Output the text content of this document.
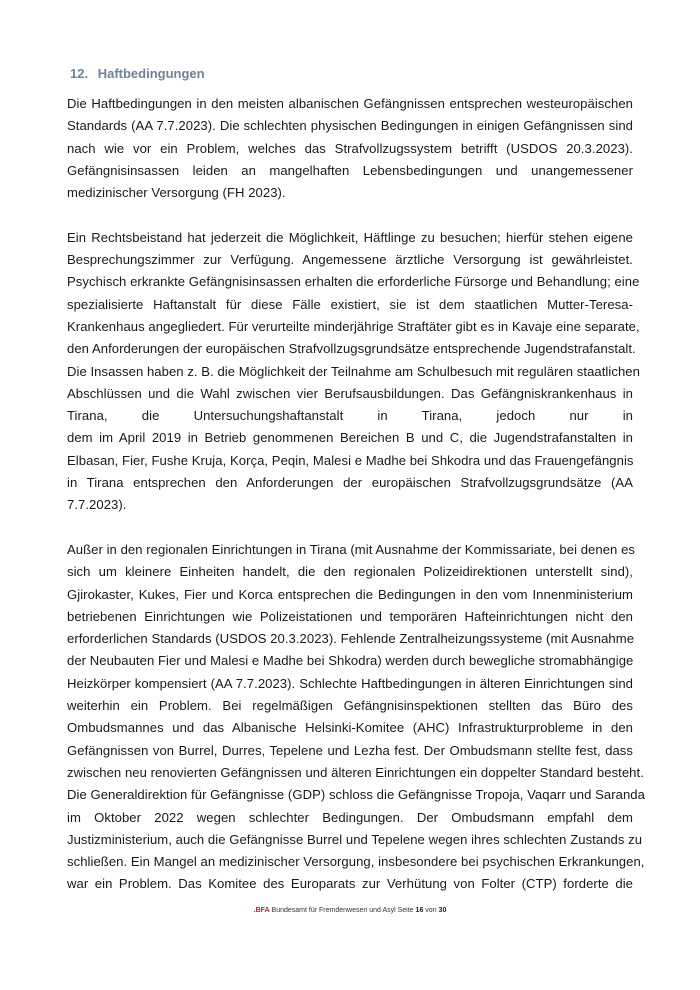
12. Haftbedingungen
Die Haftbedingungen in den meisten albanischen Gefängnissen entsprechen westeuropäischen
Standards (AA 7.7.2023). Die schlechten physischen Bedingungen in einigen Gefängnissen sind
nach wie vor ein Problem, welches das Strafvollzugssystem betrifft (USDOS 20.3.2023).
Gefängnisinsassen leiden an mangelhaften Lebensbedingungen und unangemessener
medizinischer Versorgung (FH 2023).
Ein Rechtsbeistand hat jederzeit die Möglichkeit, Häftlinge zu besuchen; hierfür stehen eigene
Besprechungszimmer zur Verfügung. Angemessene ärztliche Versorgung ist gewährleistet.
Psychisch erkrankte Gefängnisinsassen erhalten die erforderliche Fürsorge und Behandlung; eine
spezialisierte Haftanstalt für diese Fälle existiert, sie ist dem staatlichen Mutter-Teresa-
Krankenhaus angegliedert. Für verurteilte minderjährige Straftäter gibt es in Kavaje eine separate,
den Anforderungen der europäischen Strafvollzugsgrundsätze entsprechende Jugendstrafanstalt.
Die Insassen haben z. B. die Möglichkeit der Teilnahme am Schulbesuch mit regulären staatlichen
Abschlüssen und die Wahl zwischen vier Berufsausbildungen. Das Gefängniskrankenhaus in
Tirana, die Untersuchungshaftanstalt in Tirana, jedoch nur in
dem im April 2019 in Betrieb genommenen Bereichen B und C, die Jugendstrafanstalten in
Elbasan, Fier, Fushe Kruja, Korça, Peqin, Malesi e Madhe bei Shkodra und das Frauengefängnis
in Tirana entsprechen den Anforderungen der europäischen Strafvollzugsgrundsätze (AA
7.7.2023).
Außer in den regionalen Einrichtungen in Tirana (mit Ausnahme der Kommissariate, bei denen es
sich um kleinere Einheiten handelt, die den regionalen Polizeidirektionen unterstellt sind),
Gjirokaster, Kukes, Fier und Korca entsprechen die Bedingungen in den vom Innenministerium
betriebenen Einrichtungen wie Polizeistationen und temporären Hafteinrichtungen nicht den
erforderlichen Standards (USDOS 20.3.2023). Fehlende Zentralheizungssysteme (mit Ausnahme
der Neubauten Fier und Malesi e Madhe bei Shkodra) werden durch bewegliche stromabhängige
Heizkörper kompensiert (AA 7.7.2023). Schlechte Haftbedingungen in älteren Einrichtungen sind
weiterhin ein Problem. Bei regelmäßigen Gefängnisinspektionen stellten das Büro des
Ombudsmannes und das Albanische Helsinki-Komitee (AHC) Infrastrukturprobleme in den
Gefängnissen von Burrel, Durres, Tepelene und Lezha fest. Der Ombudsmann stellte fest, dass
zwischen neu renovierten Gefängnissen und älteren Einrichtungen ein doppelter Standard besteht.
Die Generaldirektion für Gefängnisse (GDP) schloss die Gefängnisse Tropoja, Vaqarr und Saranda
im Oktober 2022 wegen schlechter Bedingungen. Der Ombudsmann empfahl dem
Justizministerium, auch die Gefängnisse Burrel und Tepelene wegen ihres schlechten Zustands zu
schließen. Ein Mangel an medizinischer Versorgung, insbesondere bei psychischen Erkrankungen,
war ein Problem. Das Komitee des Europarats zur Verhütung von Folter (CTP) forderte die
.BFA Bundesamt für Fremdenwesen und Asyl Seite 16 von 30
